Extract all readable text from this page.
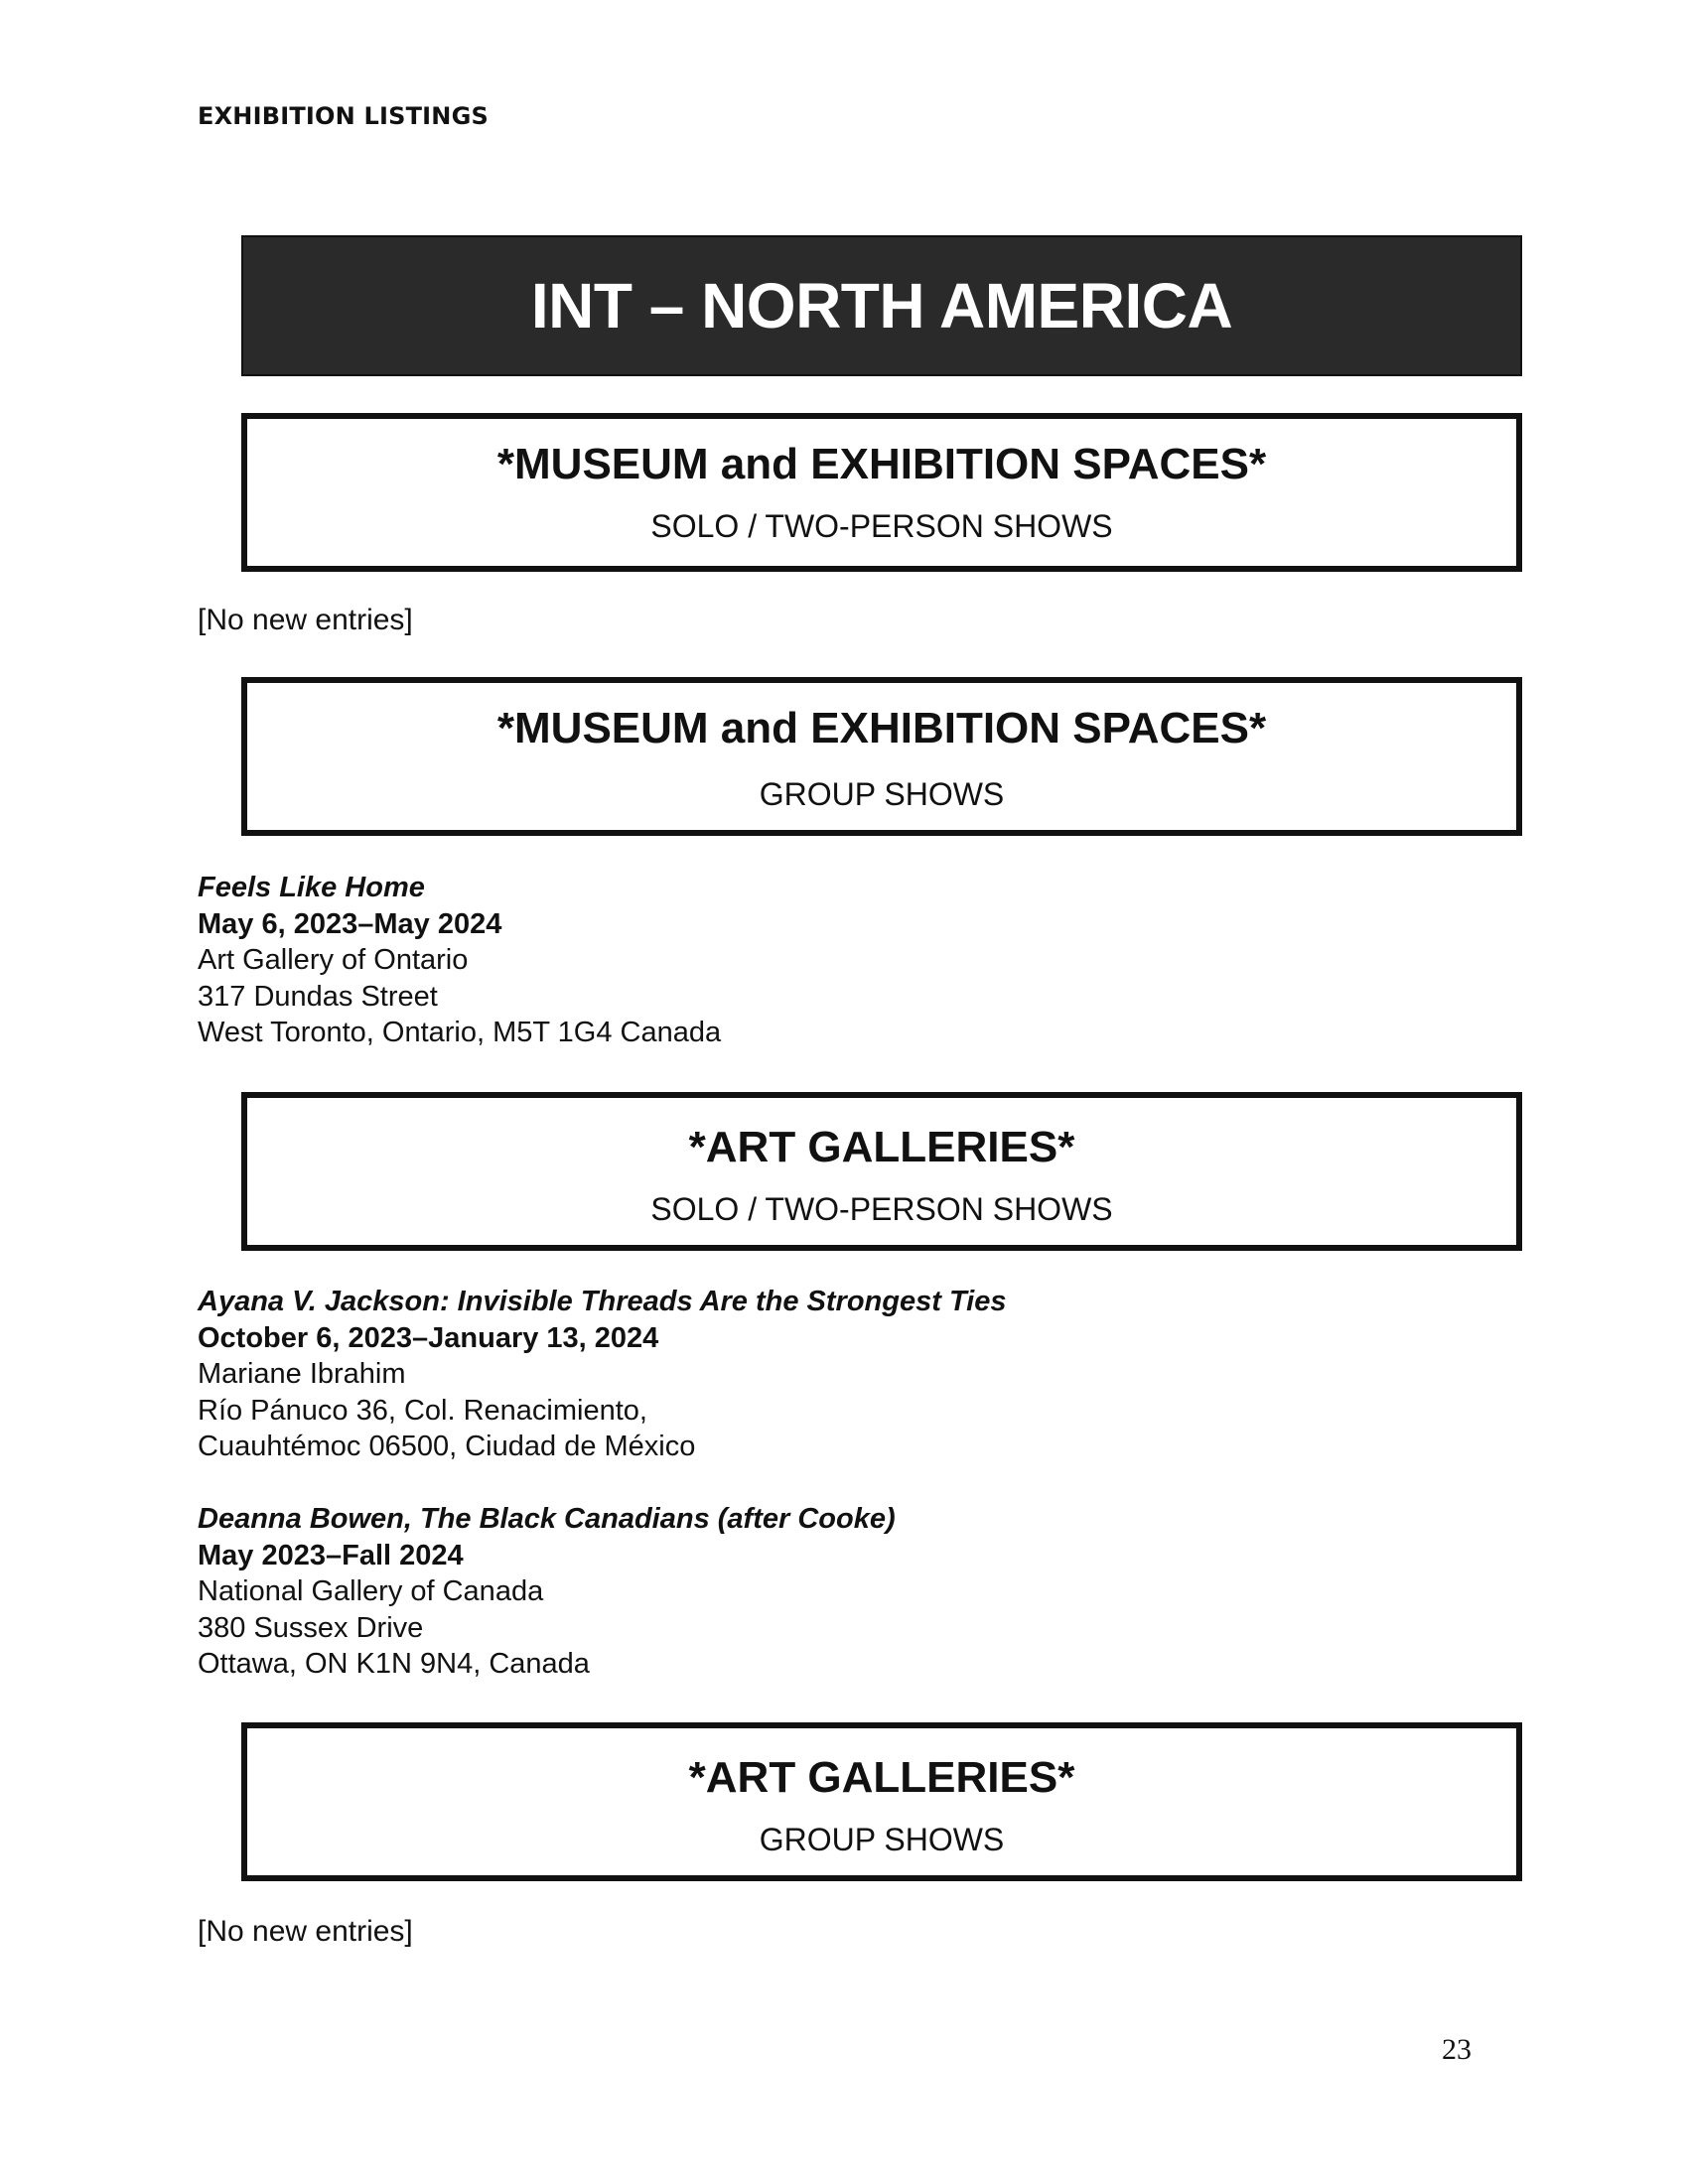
EXHIBITION LISTINGS
INT – NORTH AMERICA
*MUSEUM and EXHIBITION SPACES*
SOLO / TWO-PERSON SHOWS
[No new entries]
*MUSEUM and EXHIBITION SPACES*
GROUP SHOWS
Feels Like Home
May 6, 2023–May 2024
Art Gallery of Ontario
317 Dundas Street
West Toronto, Ontario, M5T 1G4 Canada
*ART GALLERIES*
SOLO / TWO-PERSON SHOWS
Ayana V. Jackson: Invisible Threads Are the Strongest Ties
October 6, 2023–January 13, 2024
Mariane Ibrahim
Río Pánuco 36, Col. Renacimiento,
Cuauhtémoc 06500, Ciudad de México
Deanna Bowen, The Black Canadians (after Cooke)
May 2023–Fall 2024
National Gallery of Canada
380 Sussex Drive
Ottawa, ON K1N 9N4, Canada
*ART GALLERIES*
GROUP SHOWS
[No new entries]
23
